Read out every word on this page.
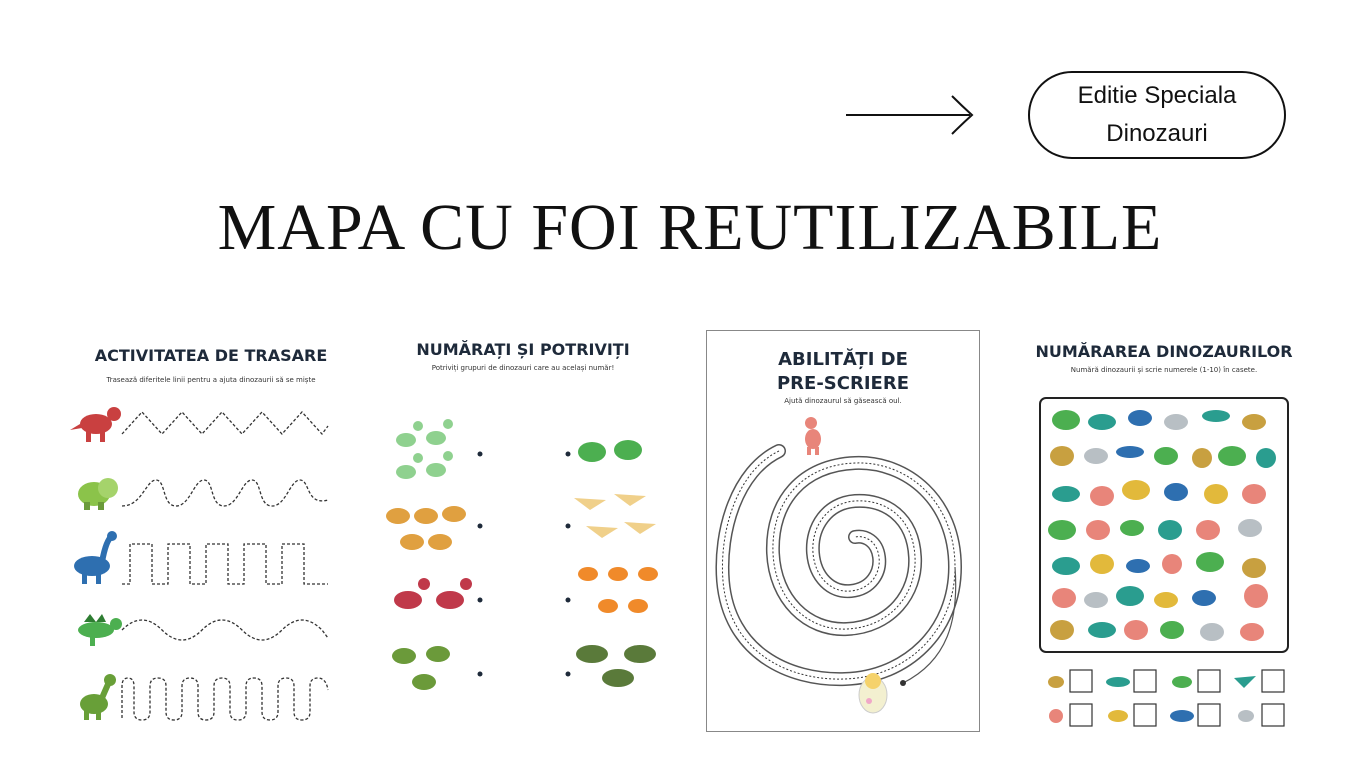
Editie Speciala
Dinozauri
MAPA CU FOI REUTILIZABILE
ACTIVITATEA DE TRASARE
Trasează diferitele linii pentru a ajuta dinozaurii să se miște
NUMĂRAȚI ȘI POTRIVIȚI
Potriviți grupuri de dinozauri care au același număr!	ABILITĂȚI DE
PRE-SCRIERE
Ajută dinozaurul să găsească oul.
NUMĂRAREA DINOZAURILOR
Numără dinozaurii și scrie numerele (1-10) în casete.
